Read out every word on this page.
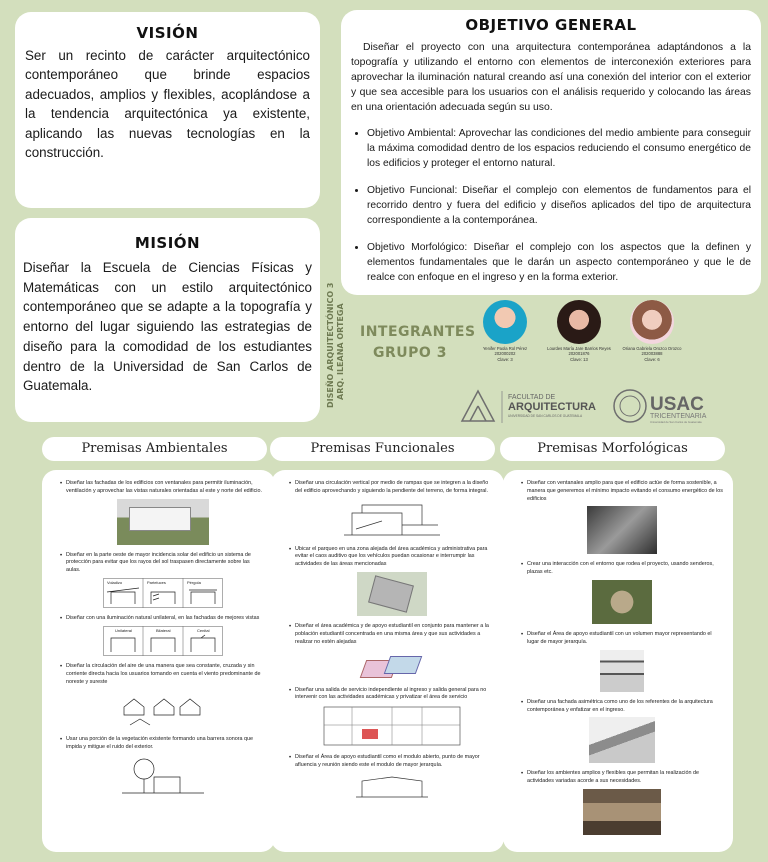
VISIÓN

Ser un recinto de carácter arquitectónico contemporáneo que brinde espacios adecuados, amplios y flexibles, acoplándose a la tendencia arquitectónica ya existente, aplicando las nuevas tecnologías en la construcción.

MISIÓN

Diseñar la Escuela de Ciencias Físicas y Matemáticas con un estilo arquitectónico contemporáneo que se adapte a la topografía y entorno del lugar siguiendo las estrategias de diseño para la comodidad de los estudiantes dentro de la Universidad de San Carlos de Guatemala.

OBJETIVO GENERAL

Diseñar el proyecto con una arquitectura contemporánea adaptándonos a la topografía y utilizando el entorno con elementos de interconexión exteriores para aprovechar la iluminación natural creando así una conexión del interior con el exterior y que sea accesible para los usuarios con el análisis requerido y colocando las áreas en una orientación adecuada según su uso.

• Objetivo Ambiental: Aprovechar las condiciones del medio ambiente para conseguir la máxima comodidad dentro de los espacios reduciendo el consumo energético de los edificios y proteger el entorno natural.
• Objetivo Funcional: Diseñar el complejo con elementos de fundamentos para el recorrido dentro y fuera del edificio y diseños aplicados del tipo de arquitectura correspondiente a la contemporánea.
• Objetivo Morfológico: Diseñar el complejo con los aspectos que la definen y elementos fundamentales que le darán un aspecto contemporáneo y que le de realce con enfoque en el ingreso y en la forma exterior.
DISEÑO ARQUITECTÓNICO 3 ARQ. ILEANA ORTEGA INTEGRANTES
GRUPO 3	Yenifer Paola Rol Pérez
202000202
Clave: 3
Lourdes María Jare Barrios Reyes
202001876
Clave: 13
Oriana Gabriela Orozco Orozco
202003888
Clave: 6
FACULTAD DE
ARQUITECTURA
UNIVERSIDAD DE SAN CARLOS DE GUATEMALA
USAC
TRICENTENARIA
Universidad de San Carlos de Guatemala
Premisas Ambientales	Premisas Funcionales	Premisas Morfológicas
• Diseñar las fachadas de los edificios con ventanales para permitir iluminación, ventilación y aprovechar las vistas naturales orientadas al este y norte del edificio.
• Diseñar en la parte oeste de mayor incidencia solar del edificio un sistema de protección para evitar que los rayos del sol traspasen directamente sobre las aulas.
Voladizo	Parteluces	Pérgola
• Diseñar con una iluminación natural unilateral, en las fachadas de mejores vistas
Unilateral	Bilateral	Cenital
• Diseñar la circulación del aire de una manera que sea constante, cruzada y sin corriente directa hacia los usuarios tomando en cuenta el viento predominante de noreste y sureste
• Usar una porción de la vegetación existente formando una barrera sonora que impida y mitigue el ruido del exterior.
• Diseñar una circulación vertical por medio de rampas que se integren a la diseño del edificio aprovechando y siguiendo la pendiente del terreno, de forma integral.
• Ubicar el parqueo en una zona alejada del área académica y administrativa para evitar el caos auditivo que los vehículos puedan ocasionar e interrumpir las actividades de las áreas mencionadas
• Diseñar el área académica y de apoyo estudiantil en conjunto para mantener a la población estudiantil concentrada en una misma área y que sus actividades a realizar no estén alejadas
• Diseñar una salida de servicio independiente al ingreso y salida general para no intervenir con las actividades académicas y privatizar el área de servicio
• Diseñar el Área de apoyo estudiantil como el modulo abierto, punto de mayor afluencia y reunión siendo este el modulo de mayor jerarquía.
• Diseñar con ventanales amplio para que el edificio actúe de forma sostenible, a manera que generemos el mínimo impacto evitando el consumo energético de los edificios
• Crear una interacción con el entorno que rodea el proyecto, usando senderos, plazas etc.
• Diseñar el Área de apoyo estudiantil con un volumen mayor representando el lugar de mayor jerarquía.
• Diseñar una fachada asimétrica como uno de los referentes de la arquitectura contemporánea y enfatizar en el ingreso.
• Diseñar los ambientes amplios y flexibles que permitan la realización de actividades variadas acorde a sus necesidades.
